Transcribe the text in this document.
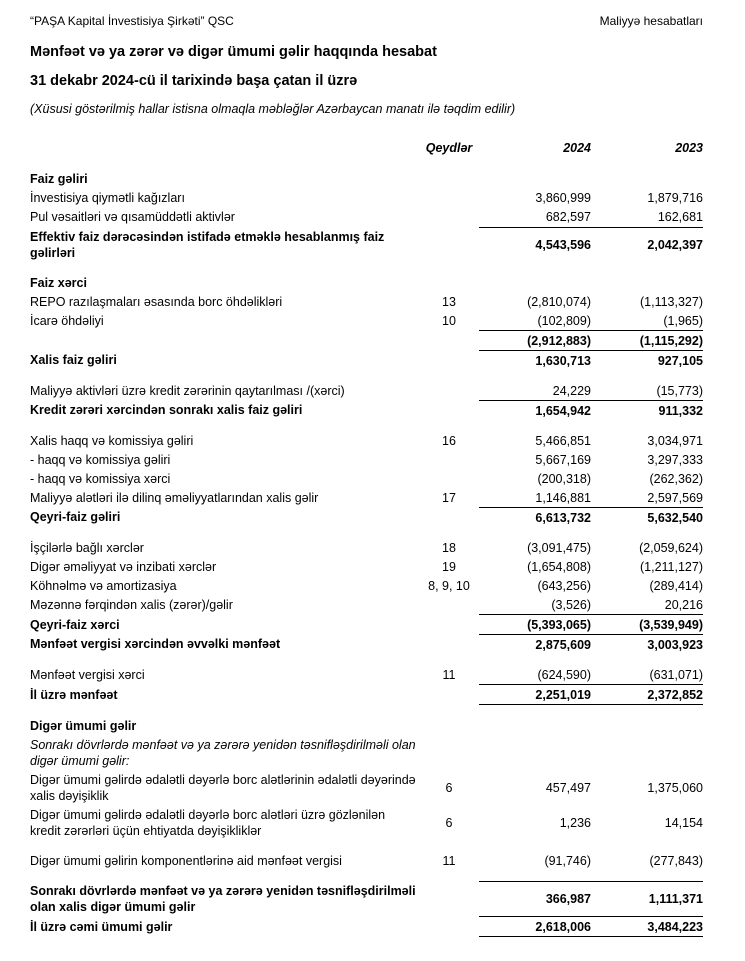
“PAŞA Kapital İnvestisiya Şirkəti” QSC	Maliyyə hesabatları
Mənfəət və ya zərər və digər ümumi gəlir haqqında hesabat
31 dekabr 2024-cü il tarixində başa çatan il üzrə
(Xüsusi göstərilmiş hallar istisna olmaqla məbləğlər Azərbaycan manatı ilə təqdim edilir)
	Qeydlər	2024	2023
Faiz gəliri			
İnvestisiya qiymətli kağızları		3,860,999	1,879,716
Pul vəsaitləri və qısamüddətli aktivlər		682,597	162,681
Effektiv faiz dərəcəsindən istifadə etməklə hesablanmış faiz gəlirləri		4,543,596	2,042,397

Faiz xərci			
REPO razılaşmaları əsasında borc öhdəlikləri	13	(2,810,074)	(1,113,327)
İcarə öhdəliyi	10	(102,809)	(1,965)
		(2,912,883)	(1,115,292)
Xalis faiz gəliri		1,630,713	927,105

Maliyyə aktivləri üzrə kredit zərərinin qaytarılması /(xərci)		24,229	(15,773)
Kredit zərəri xərcindən sonrakı xalis faiz gəliri		1,654,942	911,332

Xalis haqq və komissiya gəliri	16	5,466,851	3,034,971
- haqq və komissiya gəliri		5,667,169	3,297,333
- haqq və komissiya xərci		(200,318)	(262,362)
Maliyyə alətləri ilə dilinq əməliyyatlarından xalis gəlir	17	1,146,881	2,597,569
Qeyri-faiz gəliri		6,613,732	5,632,540

İşçilərlə bağlı xərclər	18	(3,091,475)	(2,059,624)
Digər əməliyyat və inzibati xərclər	19	(1,654,808)	(1,211,127)
Köhnəlmə və amortizasiya	8, 9, 10	(643,256)	(289,414)
Məzənnə fərqindən xalis (zərər)/gəlir		(3,526)	20,216
Qeyri-faiz xərci		(5,393,065)	(3,539,949)
Mənfəət vergisi xərcindən əvvəlki mənfəət		2,875,609	3,003,923

Mənfəət vergisi xərci	11	(624,590)	(631,071)
İl üzrə mənfəət		2,251,019	2,372,852

Digər ümumi gəlir			
Sonrakı dövrlərdə mənfəət və ya zərərə yenidən təsnifləşdirilməli olan digər ümumi gəlir:			
Digər ümumi gəlirdə ədalətli dəyərlə borc alətlərinin ədalətli dəyərində xalis dəyişiklik	6	457,497	1,375,060
Digər ümumi gəlirdə ədalətli dəyərlə borc alətləri üzrə gözlənilən kredit zərərləri üçün ehtiyatda dəyişikliklər	6	1,236	14,154

Digər ümumi gəlirin komponentlərinə aid mənfəət vergisi	11	(91,746)	(277,843)

Sonrakı dövrlərdə mənfəət və ya zərərə yenidən təsnifləşdirilməli olan xalis digər ümumi gəlir		366,987	1,111,371
İl üzrə cəmi ümumi gəlir		2,618,006	3,484,223
